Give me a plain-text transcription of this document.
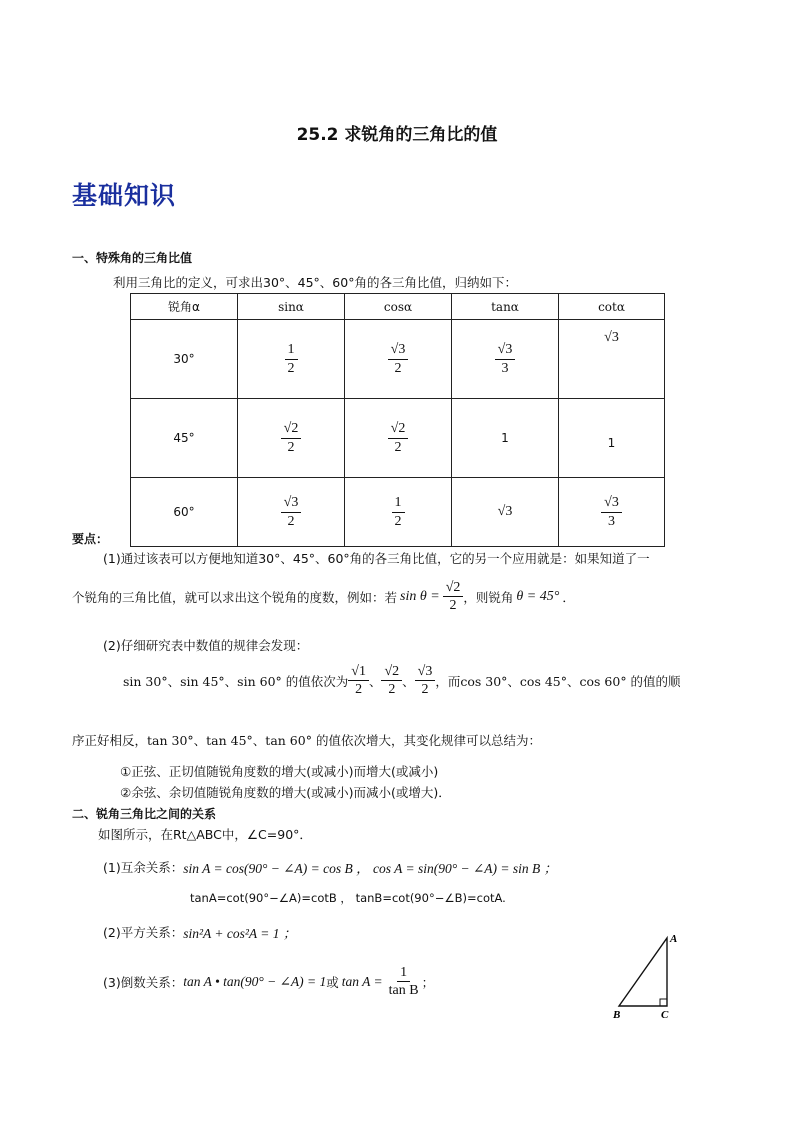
25.2 求锐角的三角比的值
基础知识
一、特殊角的三角比值
利用三角比的定义，可求出30°、45°、60°角的各三角比值，归纳如下：
锐角α	sinα	cosα	tanα	cotα
30°	$\frac{1}{2}$	$\frac{√3}{2}$	$\frac{√3}{3}$	√3
45°	$\frac{√2}{2}$	$\frac{√2}{2}$	1	1
60°	$\frac{√3}{2}$	$\frac{1}{2}$	√3	$\frac{√3}{3}$
要点：
(1)通过该表可以方便地知道30°、45°、60°角的各三角比值，它的另一个应用就是：如果知道了一
个锐角的三角比值，就可以求出这个锐角的度数，例如：若 $\sin \theta = \frac{√2}{2}$ ，则锐角 θ = 45° ．
(2)仔细研究表中数值的规律会发现：
sin 30°、sin 45°、sin 60° 的值依次为 $\frac{√1}{2}$ 、 $\frac{√2}{2}$ 、 $\frac{√3}{2}$ ，而cos 30°、cos 45°、cos 60° 的值的顺
序正好相反，tan 30°、tan 45°、tan 60° 的值依次增大，其变化规律可以总结为：
①正弦、正切值随锐角度数的增大(或减小)而增大(或减小)
②余弦、余切值随锐角度数的增大(或减小)而减小(或增大)．
二、锐角三角比之间的关系
如图所示，在Rt△ABC中，∠C=90°．
(1)互余关系： sin A = cos(90° − ∠A) = cos B ， cos A = sin(90° − ∠A) = sin B ；
tanA=cot(90°−∠A)=cotB ， tanB=cot(90°−∠B)=cotA.
(2)平方关系： sin²A + cos²A = 1 ；
(3)倒数关系： tan A • tan(90° − ∠A) = 1 或 $\tan A = \frac{1}{\text{tan B}}$ ；
A
B	C
